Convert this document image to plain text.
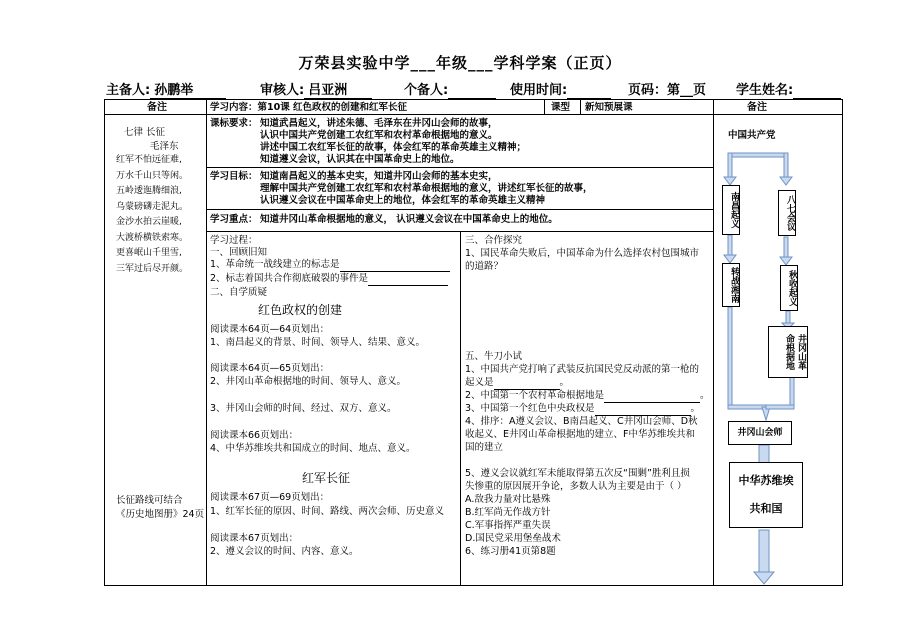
万荣县实验中学___年级___学科学案（正页）
主备人: 孙鹏举	审核人: 吕亚洲	个备人:	使用时间:	页码：第__页 学生姓名:
备注
七律 长征
毛泽东
红军不怕远征难,
万水千山只等闲。
五岭逶迤腾细浪,
乌蒙磅礴走泥丸。
金沙水拍云崖暖,
大渡桥横铁索寒。
更喜岷山千里雪,
三军过后尽开颜。
长征路线可结合
《历史地图册》24页
学习内容：第10课 红色政权的创建和红军长征	课型 新知预展课
课标要求： 知道武昌起义，讲述朱德、毛泽东在井冈山会师的故事，
认识中国共产党创建工农红军和农村革命根据地的意义。
讲述中国工农红军长征的故事，体会红军的革命英雄主义精神；
知道遵义会议，认识其在中国革命史上的地位。
学习目标： 知道南昌起义的基本史实，知道井冈山会师的基本史实，
理解中国共产党创建工农红军和农村革命根据地的意义，讲述红军长征的故事，
认识遵义会议在中国革命史上的地位，体会红军的革命英雄主义精神
学习重点： 知道井冈山革命根据地的意义， 认识遵义会议在中国革命史上的地位。
学习过程：
一、回顾旧知
1、革命统一战线建立的标志是
2、标志着国共合作彻底破裂的事件是
二、自学质疑
红色政权的创建
阅读课本64页—64页划出：
1、南昌起义的背景、时间、领导人、结果、意义。
阅读课本64页—65页划出：
2、井冈山革命根据地的时间、领导人、意义。
3、井冈山会师的时间、经过、双方、意义。
阅读课本66页划出：
4、中华苏维埃共和国成立的时间、地点、意义。
红军长征
阅读课本67页—69页划出：
1、红军长征的原因、时间、路线、两次会师、历史意义
阅读课本67页划出：
2、遵义会议的时间、内容、意义。
三、合作探究
1、国民革命失败后，中国革命为什么选择农村包围城市
的道路？
五、牛刀小试
1、中国共产党打响了武装反抗国民党反动派的第一枪的
起义是	。
2、中国第一个农村革命根据地是	。
3、中国第一个红色中央政权是	。
4、排序：A遵义会议、B南昌起义、C井冈山会师、D秋
收起义、E井冈山革命根据地的建立、F中华苏维埃共和
国的建立
5、遵义会议就红军未能取得第五次反“围剿”胜利且损
失惨重的原因展开争论，多数人认为主要是由于（ ）
A.敌我力量对比悬殊
B.红军尚无作战方针
C.军事指挥严重失误
D.国民党采用堡垒战术
6、练习册41页第8题
备注
中国共产党
南昌起义	八七会议
转战湘南	秋收起义
井冈山革命根据地
井冈山会师
中华苏维埃
共和国
